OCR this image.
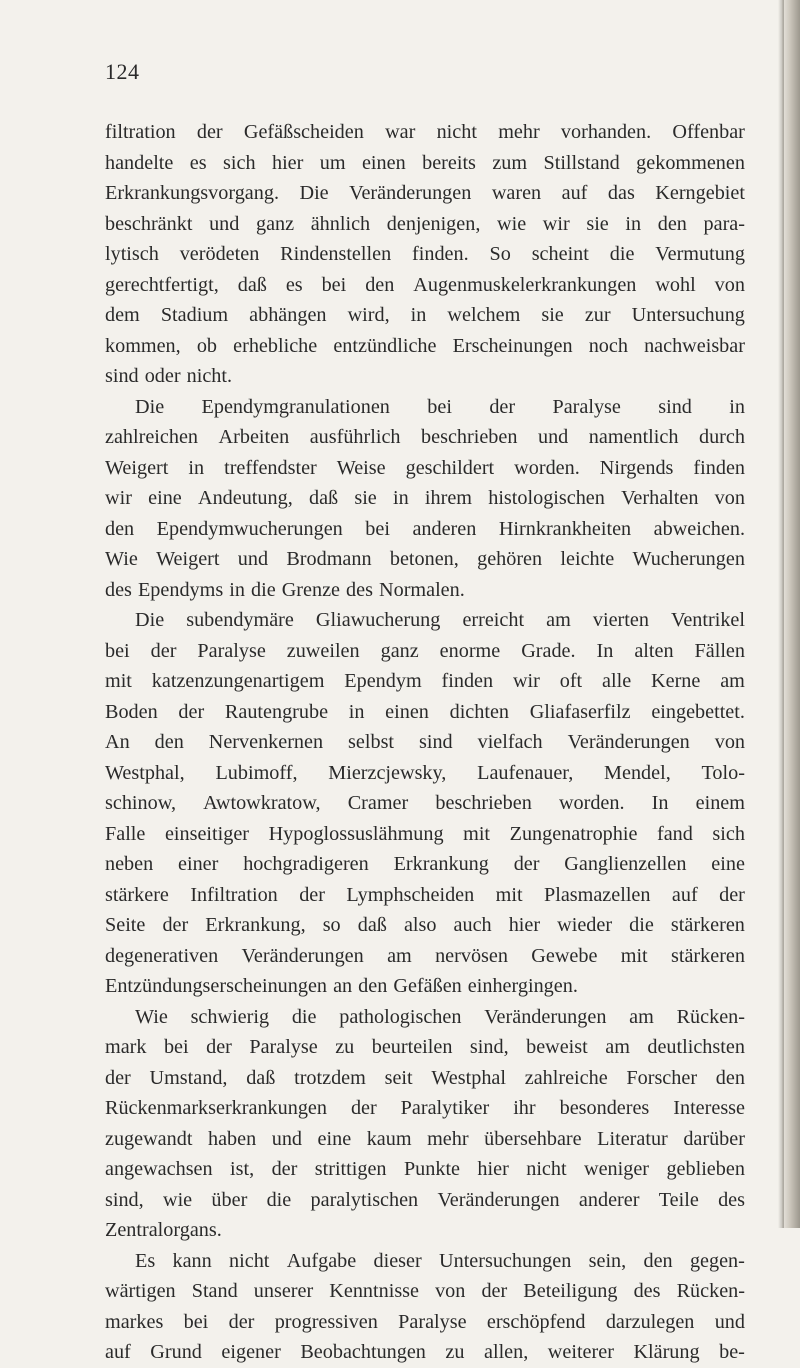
124
filtration der Gefäßscheiden war nicht mehr vorhanden. Offenbar
handelte es sich hier um einen bereits zum Stillstand gekommenen
Erkrankungsvorgang. Die Veränderungen waren auf das Kerngebiet
beschränkt und ganz ähnlich denjenigen, wie wir sie in den para-
lytisch verödeten Rindenstellen finden. So scheint die Vermutung
gerechtfertigt, daß es bei den Augenmuskelerkrankungen wohl von
dem Stadium abhängen wird, in welchem sie zur Untersuchung
kommen, ob erhebliche entzündliche Erscheinungen noch nachweisbar
sind oder nicht.
Die Ependymgranulationen bei der Paralyse sind in
zahlreichen Arbeiten ausführlich beschrieben und namentlich durch
Weigert in treffendster Weise geschildert worden. Nirgends finden
wir eine Andeutung, daß sie in ihrem histologischen Verhalten von
den Ependymwucherungen bei anderen Hirnkrankheiten abweichen.
Wie Weigert und Brodmann betonen, gehören leichte Wucherungen
des Ependyms in die Grenze des Normalen.
Die subendymäre Gliawucherung erreicht am vierten Ventrikel
bei der Paralyse zuweilen ganz enorme Grade. In alten Fällen
mit katzenzungenartigem Ependym finden wir oft alle Kerne am
Boden der Rautengrube in einen dichten Gliafaserfilz eingebettet.
An den Nervenkernen selbst sind vielfach Veränderungen von
Westphal, Lubimoff, Mierzcjewsky, Laufenauer, Mendel, Tolo-
schinow, Awtowkratow, Cramer beschrieben worden. In einem
Falle einseitiger Hypoglossuslähmung mit Zungenatrophie fand sich
neben einer hochgradigeren Erkrankung der Ganglienzellen eine
stärkere Infiltration der Lymphscheiden mit Plasmazellen auf der
Seite der Erkrankung, so daß also auch hier wieder die stärkeren
degenerativen Veränderungen am nervösen Gewebe mit stärkeren
Entzündungserscheinungen an den Gefäßen einhergingen.
Wie schwierig die pathologischen Veränderungen am Rücken-
mark bei der Paralyse zu beurteilen sind, beweist am deutlichsten
der Umstand, daß trotzdem seit Westphal zahlreiche Forscher den
Rückenmarkserkrankungen der Paralytiker ihr besonderes Interesse
zugewandt haben und eine kaum mehr übersehbare Literatur darüber
angewachsen ist, der strittigen Punkte hier nicht weniger geblieben
sind, wie über die paralytischen Veränderungen anderer Teile des
Zentralorgans.
Es kann nicht Aufgabe dieser Untersuchungen sein, den gegen-
wärtigen Stand unserer Kenntnisse von der Beteiligung des Rücken-
markes bei der progressiven Paralyse erschöpfend darzulegen und
auf Grund eigener Beobachtungen zu allen, weiterer Klärung be-
